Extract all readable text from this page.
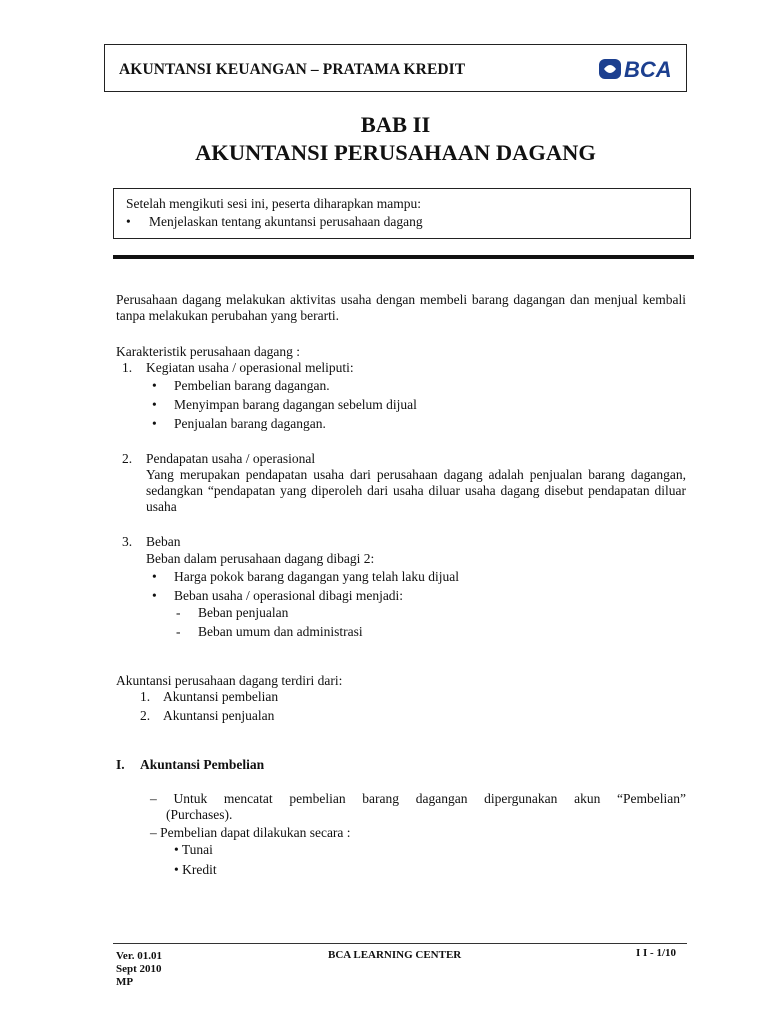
AKUNTANSI KEUANGAN – PRATAMA KREDIT	BCA
BAB II
AKUNTANSI PERUSAHAAN DAGANG
Setelah mengikuti sesi ini, peserta diharapkan mampu:
• Menjelaskan tentang akuntansi perusahaan dagang
Perusahaan dagang melakukan aktivitas usaha dengan membeli barang dagangan dan menjual kembali tanpa melakukan perubahan yang berarti.
Karakteristik perusahaan dagang :
1. Kegiatan usaha / operasional meliputi:
• Pembelian barang dagangan.
• Menyimpan barang dagangan sebelum dijual
• Penjualan barang dagangan.
2. Pendapatan usaha / operasional
Yang merupakan pendapatan usaha dari perusahaan dagang adalah penjualan barang dagangan, sedangkan “pendapatan yang diperoleh dari usaha diluar usaha dagang disebut pendapatan diluar usaha
3. Beban
Beban dalam perusahaan dagang dibagi 2:
• Harga pokok barang dagangan yang telah laku dijual
• Beban usaha / operasional dibagi menjadi:
- Beban penjualan
- Beban umum dan administrasi
Akuntansi perusahaan dagang terdiri dari:
1. Akuntansi pembelian
2. Akuntansi penjualan
I. Akuntansi Pembelian
– Untuk mencatat pembelian barang dagangan dipergunakan akun “Pembelian”
(Purchases).
– Pembelian dapat dilakukan secara :
• Tunai
• Kredit
Ver. 01.01
Sept 2010
MP
BCA LEARNING CENTER	I I - 1/10
